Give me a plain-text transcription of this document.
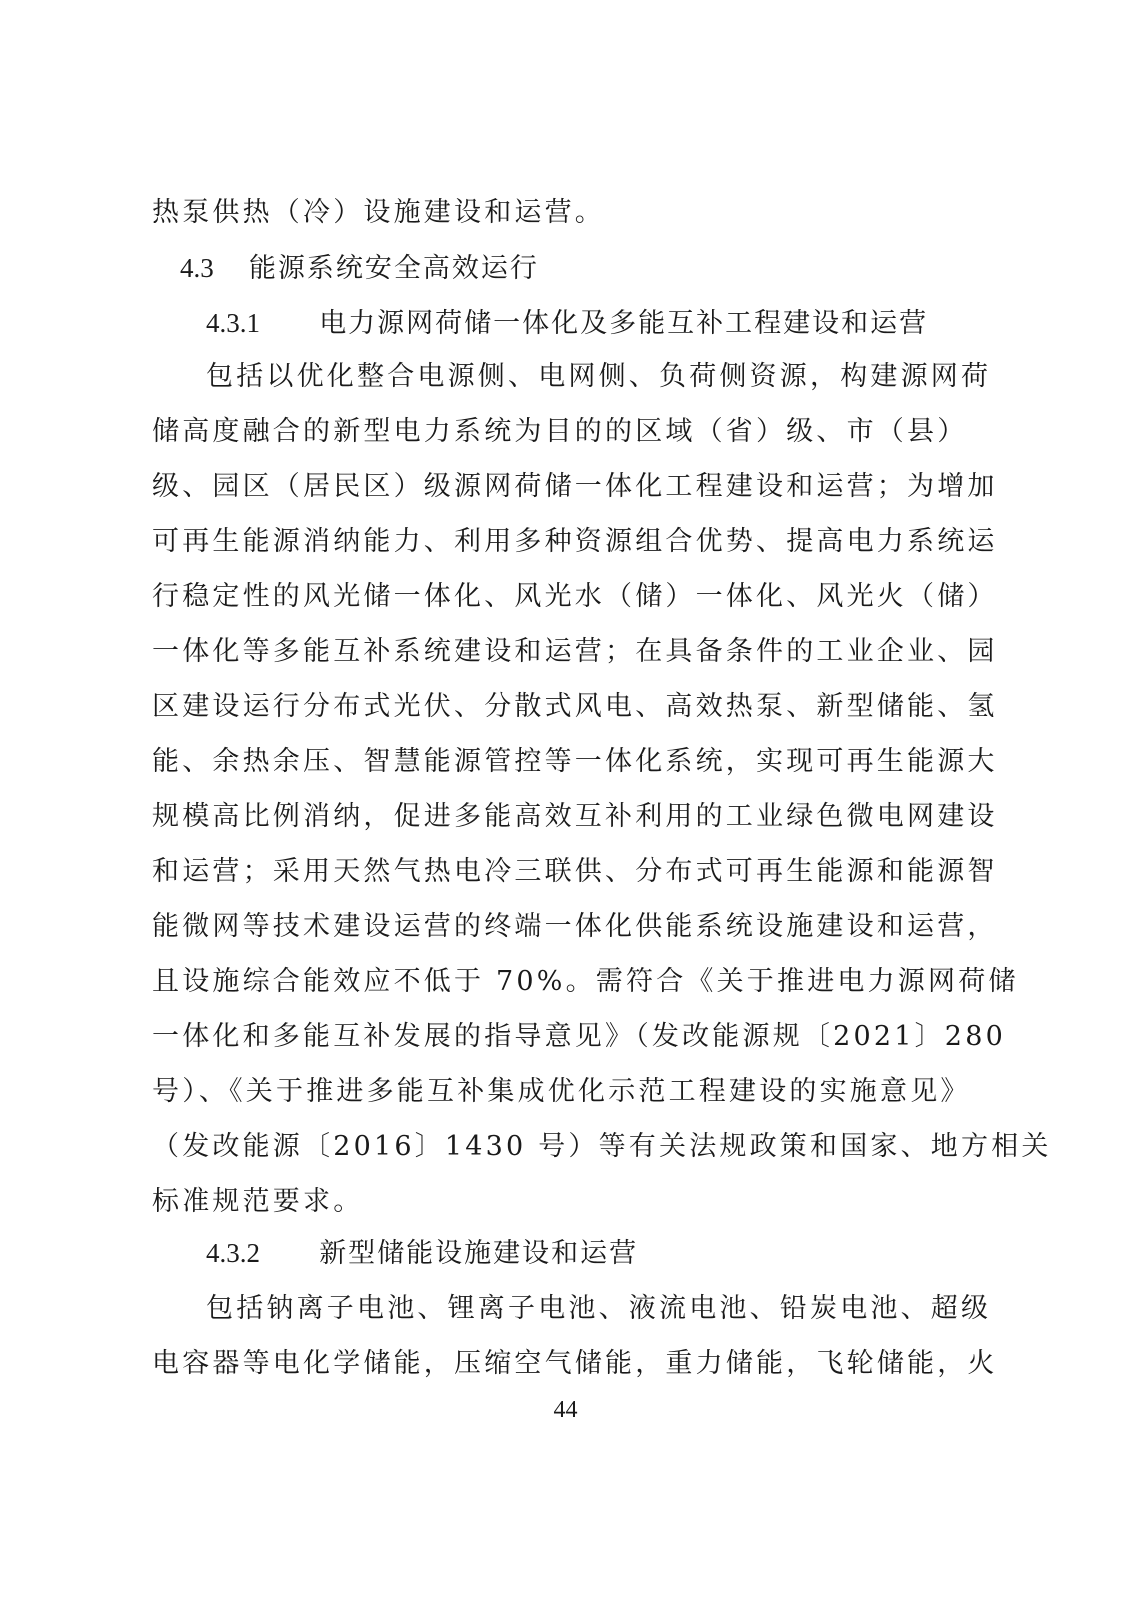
热泵供热（冷）设施建设和运营。
4.3 能源系统安全高效运行
4.3.1 电力源网荷储一体化及多能互补工程建设和运营
包括以优化整合电源侧、电网侧、负荷侧资源，构建源网荷
储高度融合的新型电力系统为目的的区域（省）级、市（县）
级、园区（居民区）级源网荷储一体化工程建设和运营；为增加
可再生能源消纳能力、利用多种资源组合优势、提高电力系统运
行稳定性的风光储一体化、风光水（储）一体化、风光火（储）
一体化等多能互补系统建设和运营；在具备条件的工业企业、园
区建设运行分布式光伏、分散式风电、高效热泵、新型储能、氢
能、余热余压、智慧能源管控等一体化系统，实现可再生能源大
规模高比例消纳，促进多能高效互补利用的工业绿色微电网建设
和运营；采用天然气热电冷三联供、分布式可再生能源和能源智
能微网等技术建设运营的终端一体化供能系统设施建设和运营，
且设施综合能效应不低于 70%。需符合《关于推进电力源网荷储
一体化和多能互补发展的指导意见》（发改能源规〔2021〕280
号）、《关于推进多能互补集成优化示范工程建设的实施意见》
（发改能源〔2016〕1430 号）等有关法规政策和国家、地方相关
标准规范要求。
4.3.2 新型储能设施建设和运营
包括钠离子电池、锂离子电池、液流电池、铅炭电池、超级
电容器等电化学储能，压缩空气储能，重力储能，飞轮储能，火
44
